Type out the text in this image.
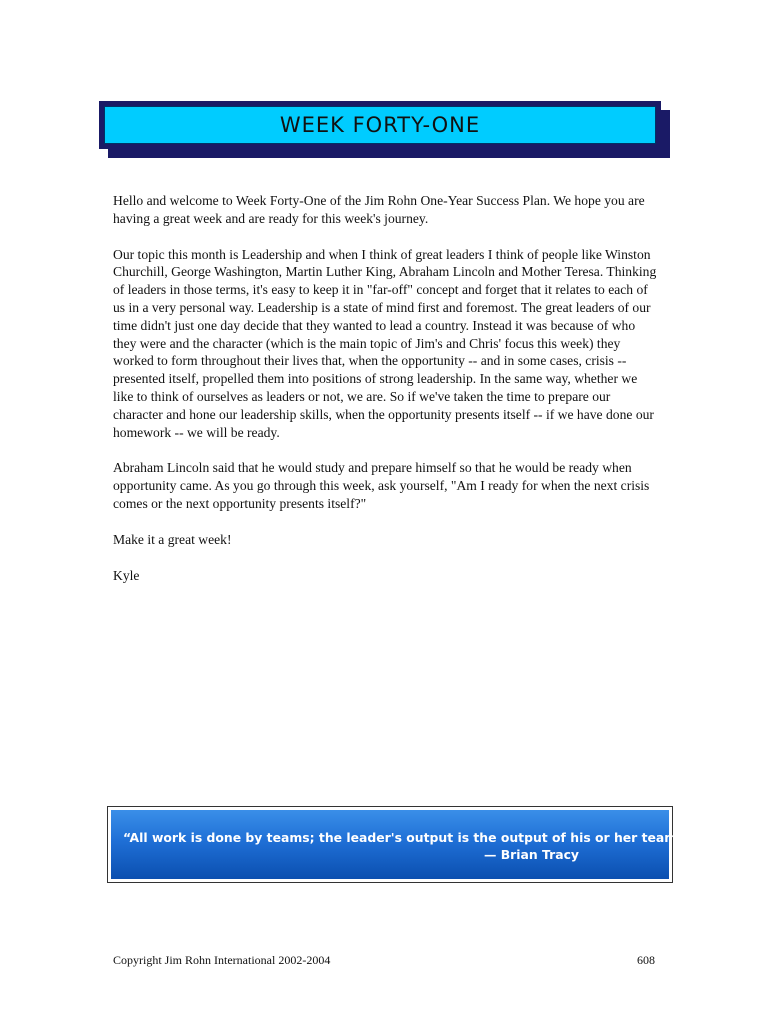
WEEK FORTY-ONE

Hello and welcome to Week Forty-One of the Jim Rohn One-Year Success Plan. We hope you are having a great week and are ready for this week's journey.

Our topic this month is Leadership and when I think of great leaders I think of people like Winston Churchill, George Washington, Martin Luther King, Abraham Lincoln and Mother Teresa. Thinking of leaders in those terms, it's easy to keep it in "far-off" concept and forget that it relates to each of us in a very personal way. Leadership is a state of mind first and foremost. The great leaders of our time didn't just one day decide that they wanted to lead a country. Instead it was because of who they were and the character (which is the main topic of Jim's and Chris' focus this week) they worked to form throughout their lives that, when the opportunity -- and in some cases, crisis -- presented itself, propelled them into positions of strong leadership. In the same way, whether we like to think of ourselves as leaders or not, we are. So if we've taken the time to prepare our character and hone our leadership skills, when the opportunity presents itself -- if we have done our homework -- we will be ready.

Abraham Lincoln said that he would study and prepare himself so that he would be ready when opportunity came. As you go through this week, ask yourself, "Am I ready for when the next crisis comes or the next opportunity presents itself?"

Make it a great week!

Kyle

“All work is done by teams; the leader's output is the output of his or her team.”
— Brian Tracy
Copyright Jim Rohn International 2002-2004	608
